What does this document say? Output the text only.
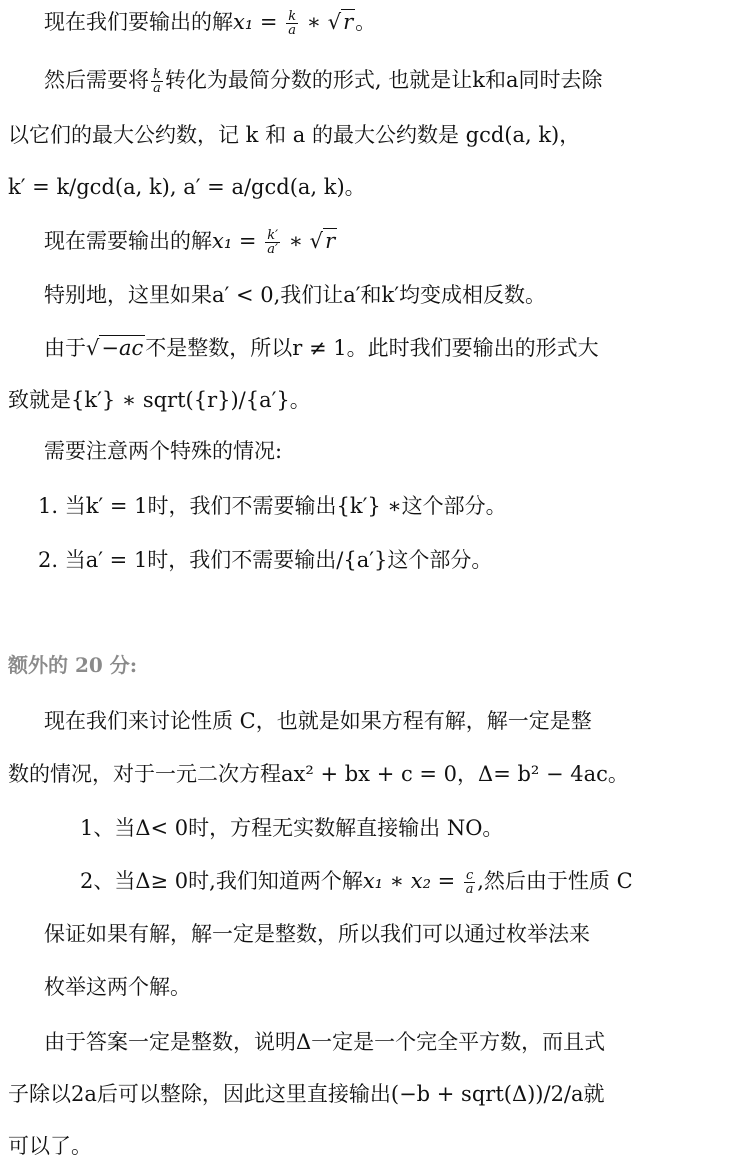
现在我们要输出的解$x_1 = \frac{k}{a}$ ∗ √r。
然后需要将 $\frac{k}{a}$ 转化为最简分数的形式, 也就是让k和a同时去除
以它们的最大公约数，记 k 和 a 的最大公约数是 gcd(a, k)，
k′ = k/gcd(a, k), a′ = a/gcd(a, k)。
现在需要输出的解$x_1 = \frac{k'}{a'}$ ∗ √r
特别地，这里如果a′ < 0,我们让a′和k′均变成相反数。
由于√−ac不是整数，所以r ≠ 1。此时我们要输出的形式大
致就是{k′} ∗ sqrt({r})/{a′}。
需要注意两个特殊的情况:
1. 当k′ = 1时，我们不需要输出{k′} ∗这个部分。
2. 当a′ = 1时，我们不需要输出/{a′}这个部分。
额外的 20 分:
现在我们来讨论性质 C，也就是如果方程有解，解一定是整
数的情况，对于一元二次方程ax² + bx + c = 0，Δ= b² − 4ac。
1、当Δ< 0时，方程无实数解直接输出 NO。
2、当Δ≥ 0时,我们知道两个解x₁ ∗ $x_2 = \frac{c}{a}$ ,然后由于性质 C
保证如果有解，解一定是整数，所以我们可以通过枚举法来
枚举这两个解。
由于答案一定是整数，说明Δ一定是一个完全平方数，而且式
子除以2a后可以整除，因此这里直接输出(−b + sqrt(Δ))/2/a就
可以了。
